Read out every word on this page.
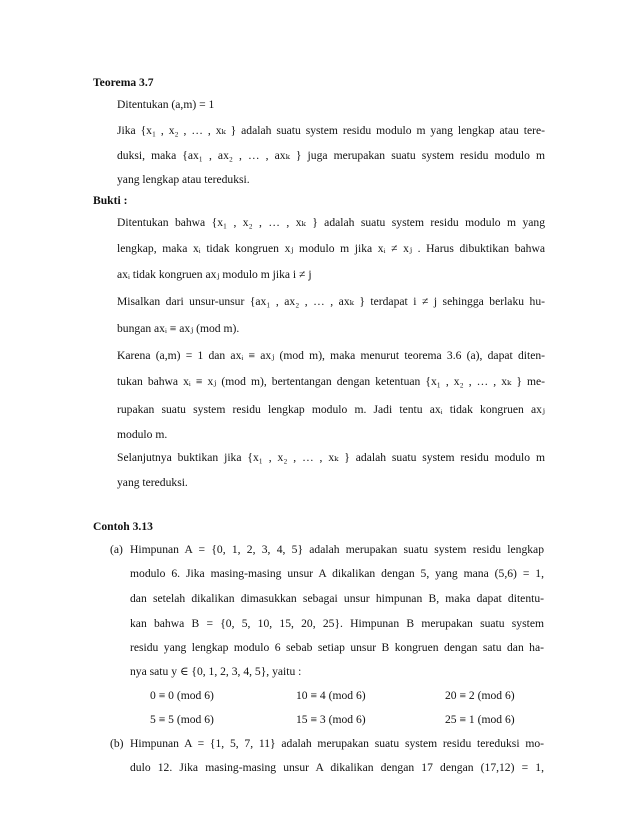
Teorema 3.7
Ditentukan (a,m) = 1
Jika {x₁ , x₂ , … , xₖ } adalah suatu system residu modulo m yang lengkap atau tere-
duksi, maka {ax₁ , ax₂ , … , axₖ } juga merupakan suatu system residu modulo m
yang lengkap atau tereduksi.
Bukti :
Ditentukan bahwa {x₁ , x₂ , … , xₖ } adalah suatu system residu modulo m yang
lengkap, maka xᵢ tidak kongruen xⱼ modulo m jika xᵢ ≠ xⱼ . Harus dibuktikan bahwa
axᵢ tidak kongruen axⱼ modulo m jika i ≠ j
Misalkan dari unsur-unsur {ax₁ , ax₂ , … , axₖ } terdapat i ≠ j sehingga berlaku hu-
bungan axᵢ ≡ axⱼ (mod m).
Karena (a,m) = 1 dan axᵢ ≡ axⱼ (mod m), maka menurut teorema 3.6 (a), dapat diten-
tukan bahwa xᵢ ≡ xⱼ (mod m), bertentangan dengan ketentuan {x₁ , x₂ , … , xₖ } me-
rupakan suatu system residu lengkap modulo m. Jadi tentu axᵢ tidak kongruen axⱼ
modulo m.
Selanjutnya buktikan jika {x₁ , x₂ , … , xₖ } adalah suatu system residu modulo m
yang tereduksi.
Contoh 3.13
(a) Himpunan A = {0, 1, 2, 3, 4, 5} adalah merupakan suatu system residu lengkap
modulo 6. Jika masing-masing unsur A dikalikan dengan 5, yang mana (5,6) = 1,
dan setelah dikalikan dimasukkan sebagai unsur himpunan B, maka dapat ditentu-
kan bahwa B = {0, 5, 10, 15, 20, 25}. Himpunan B merupakan suatu system
residu yang lengkap modulo 6 sebab setiap unsur B kongruen dengan satu dan ha-
nya satu y ∈ {0, 1, 2, 3, 4, 5}, yaitu :
0 ≡ 0 (mod 6)	10 ≡ 4 (mod 6)	20 ≡ 2 (mod 6)
5 ≡ 5 (mod 6)	15 ≡ 3 (mod 6)	25 ≡ 1 (mod 6)
(b) Himpunan A = {1, 5, 7, 11} adalah merupakan suatu system residu tereduksi mo-
dulo 12. Jika masing-masing unsur A dikalikan dengan 17 dengan (17,12) = 1,
